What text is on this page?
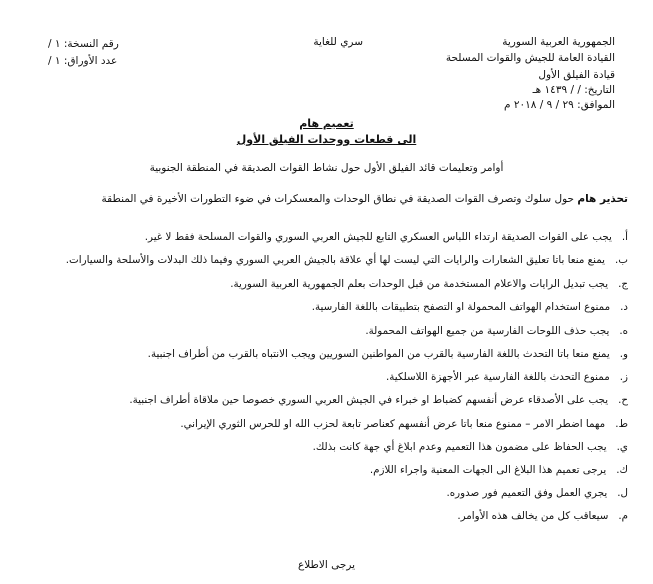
الجمهورية العربية السورية
القيادة العامة للجيش والقوات المسلحة
قيادة الفيلق الأول
التاريخ: / / ١٤٣٩ هـ
الموافق: ٢٩ / ٩ / ٢٠١٨ م
سري للغاية
رقم النسخة: ١ /
عدد الأوراق: ١ /
تعميم هام
الى قطعات ووحدات الفيلق الأول
أوامر وتعليمات قائد الفيلق الأول حول نشاط القوات الصديقة في المنطقة الجنوبية
تحذير هام حول سلوك وتصرف القوات الصديقة في نطاق الوحدات والمعسكرات في ضوء التطورات الأخيرة في المنطقة
أ.يجب على القوات الصديقة ارتداء اللباس العسكري التابع للجيش العربي السوري والقوات المسلحة فقط لا غير.
ب.يمنع منعا باتا تعليق الشعارات والرايات التي ليست لها أي علاقة بالجيش العربي السوري وفيما ذلك البدلات والأسلحة والسيارات.
ج.يجب تبديل الرايات والاعلام المستخدمة من قبل الوحدات بعلم الجمهورية العربية السورية.
د.ممنوع استخدام الهواتف المحمولة او التصفح بتطبيقات باللغة الفارسية.
ه.يجب حذف اللوحات الفارسية من جميع الهواتف المحمولة.
و.يمنع منعا باتا التحدث باللغة الفارسية بالقرب من المواطنين السوريين ويجب الانتباه بالقرب من أطراف اجنبية.
ز.ممنوع التحدث باللغة الفارسية عبر الأجهزة اللاسلكية.
ح.يجب على الأصدقاء عرض أنفسهم كضباط او خبراء في الجيش العربي السوري خصوصا حين ملاقاة أطراف اجنبية.
ط.مهما اضطر الامر – ممنوع منعا باتا عرض أنفسهم كعناصر تابعة لحزب الله او للحرس الثوري الإيراني.
ي.يجب الحفاظ على مضمون هذا التعميم وعدم ابلاغ أي جهة كانت بذلك.
ك.يرجى تعميم هذا البلاغ الى الجهات المعنية واجراء اللازم.
ل.يجري العمل وفق التعميم فور صدوره.
م.سيعاقب كل من يخالف هذه الأوامر.
يرجى الاطلاع
